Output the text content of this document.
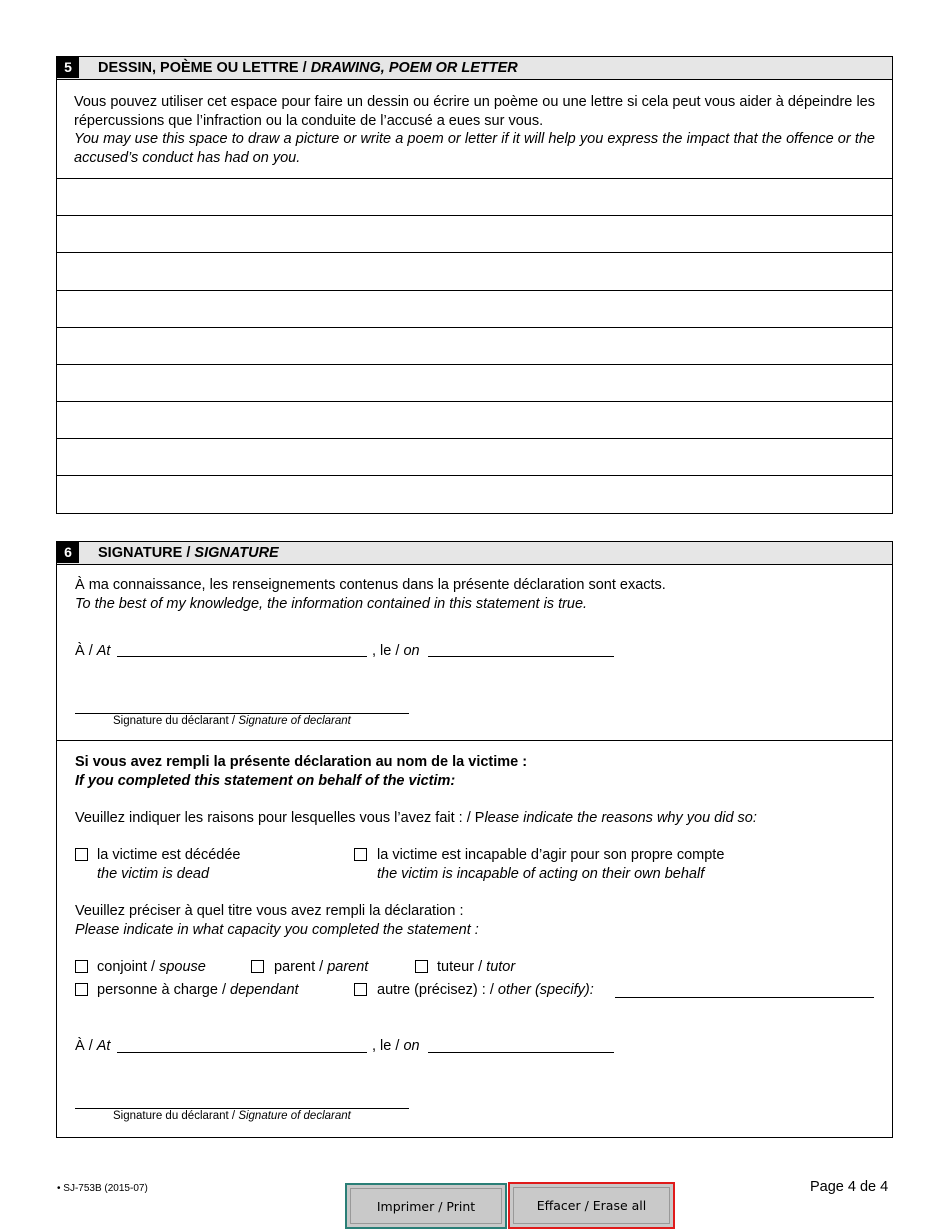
5	DESSIN, POÈME OU LETTRE / DRAWING, POEM OR LETTER
Vous pouvez utiliser cet espace pour faire un dessin ou écrire un poème ou une lettre si cela peut vous aider à dépeindre les répercussions que l’infraction ou la conduite de l’accusé a eues sur vous.
You may use this space to draw a picture or write a poem or letter if it will help you express the impact that the offence or the accused’s conduct has had on you.
6	SIGNATURE / SIGNATURE
À ma connaissance, les renseignements contenus dans la présente déclaration sont exacts.
To the best of my knowledge, the information contained in this statement is true.
À / At	, le / on
Signature du déclarant / Signature of declarant
Si vous avez rempli la présente déclaration au nom de la victime :
If you completed this statement on behalf of the victim:
Veuillez indiquer les raisons pour lesquelles vous l’avez fait : / Please indicate the reasons why you did so:
la victime est décédée
the victim is dead
la victime est incapable d’agir pour son propre compte
the victim is incapable of acting on their own behalf
Veuillez préciser à quel titre vous avez rempli la déclaration :
Please indicate in what capacity you completed the statement :
conjoint / spouse	parent / parent	tuteur / tutor
personne à charge / dependant	autre (précisez) : / other (specify):
À / At	, le / on
Signature du déclarant / Signature of declarant
• SJ-753B (2015-07)	Page 4 de 4
Imprimer / Print	Effacer / Erase all
